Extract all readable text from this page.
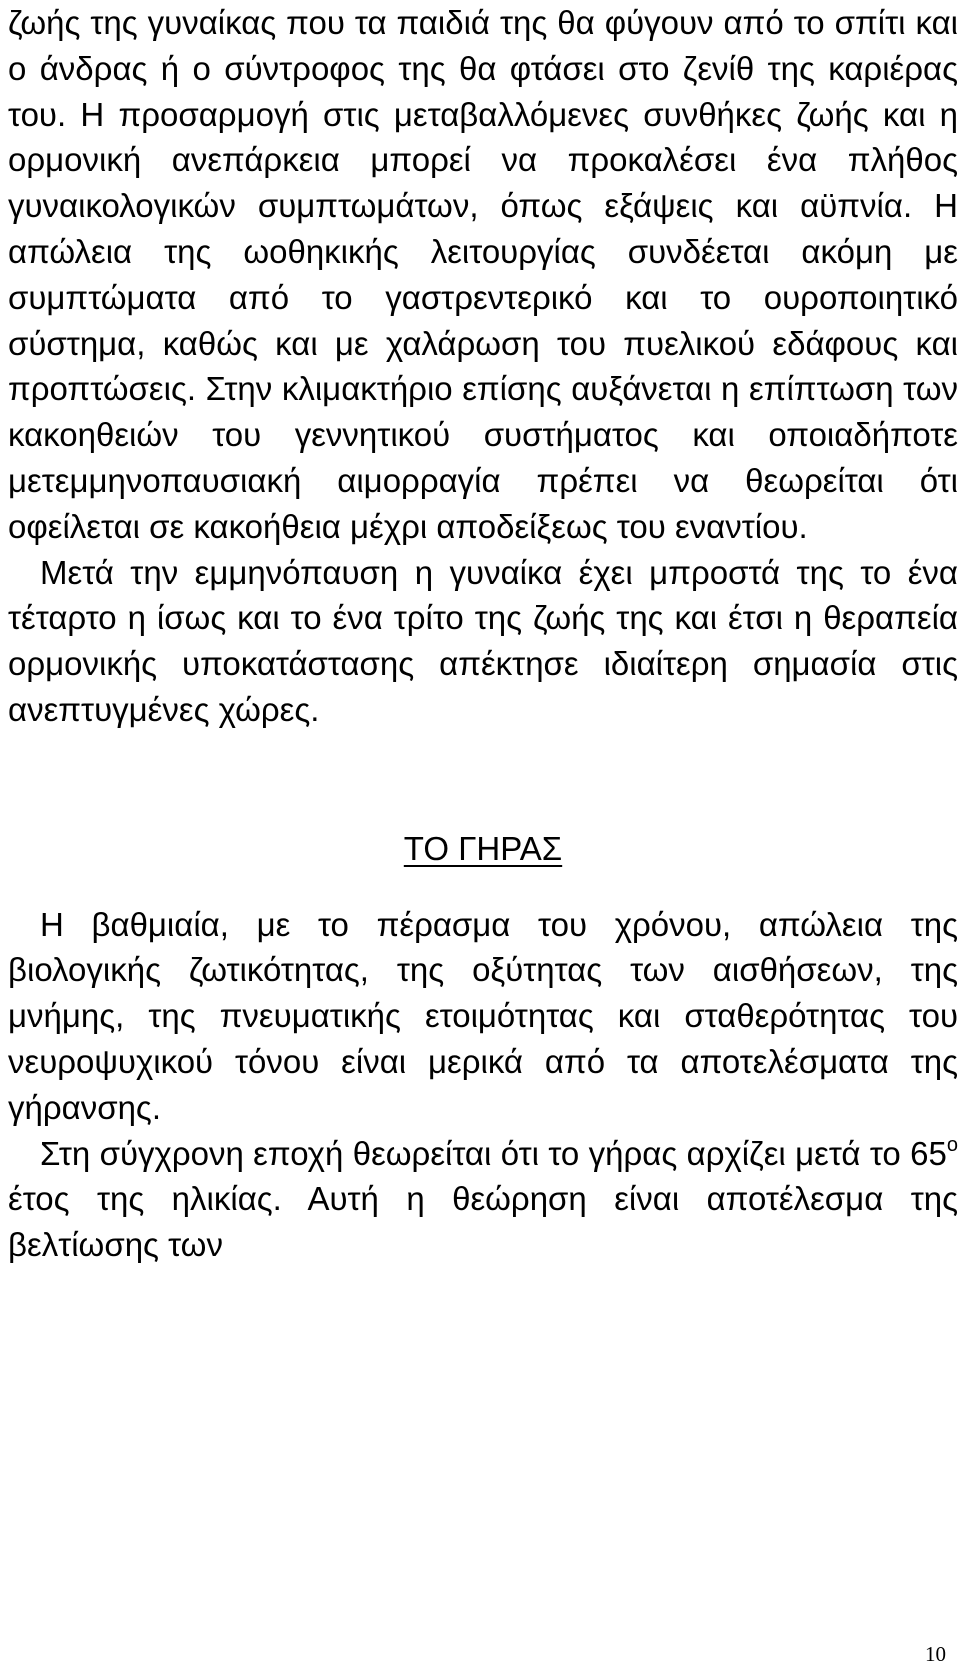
ζωής της γυναίκας που τα παιδιά της θα φύγουν από το σπίτι και ο άνδρας ή ο σύντροφος της θα φτάσει στο ζενίθ της καριέρας του. Η προσαρμογή στις μεταβαλλόμενες συνθήκες ζωής και η ορμονική ανεπάρκεια μπορεί να προκαλέσει ένα πλήθος γυναικολογικών συμπτωμάτων, όπως εξάψεις και αϋπνία. Η απώλεια της ωοθηκικής λειτουργίας συνδέεται ακόμη με συμπτώματα από το γαστρεντερικό και το ουροποιητικό σύστημα, καθώς και με χαλάρωση του πυελικού εδάφους και προπτώσεις. Στην κλιμακτήριο επίσης αυξάνεται η επίπτωση των κακοηθειών του γεννητικού συστήματος και οποιαδήποτε μετεμμηνοπαυσιακή αιμορραγία πρέπει να θεωρείται ότι οφείλεται σε κακοήθεια μέχρι αποδείξεως του εναντίου.

Μετά την εμμηνόπαυση η γυναίκα έχει μπροστά της το ένα τέταρτο η ίσως και το ένα τρίτο της ζωής της και έτσι η θεραπεία ορμονικής υποκατάστασης απέκτησε ιδιαίτερη σημασία στις ανεπτυγμένες χώρες.

ΤΟ ΓΗΡΑΣ

Η βαθμιαία, με το πέρασμα του χρόνου, απώλεια της βιολογικής ζωτικότητας, της οξύτητας των αισθήσεων, της μνήμης, της πνευματικής ετοιμότητας και σταθερότητας του νευροψυχικού τόνου είναι μερικά από τα αποτελέσματα της γήρανσης.

Στη σύγχρονη εποχή θεωρείται ότι το γήρας αρχίζει μετά το $65^o$ έτος της ηλικίας. Αυτή η θεώρηση είναι αποτέλεσμα της βελτίωσης των

10
